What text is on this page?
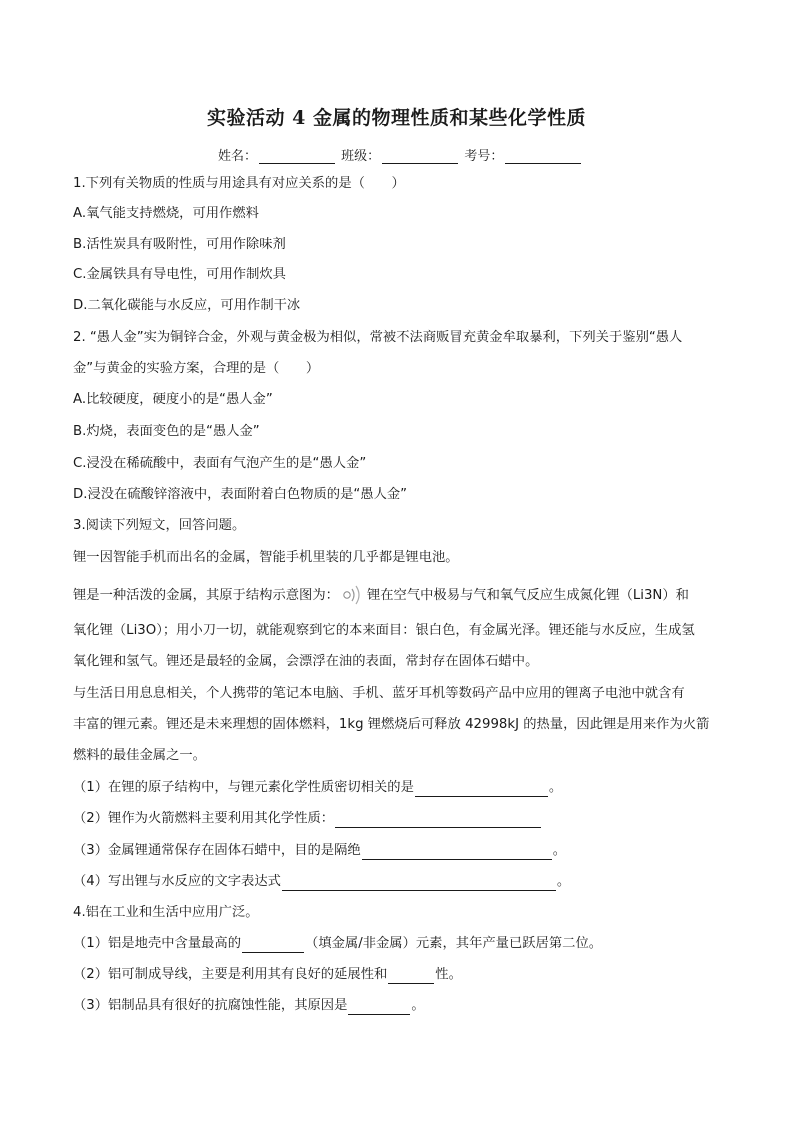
实验活动 4 金属的物理性质和某些化学性质
姓名：	班级：	考号：
1.下列有关物质的性质与用途具有对应关系的是（　　）
A.氧气能支持燃烧，可用作燃料
B.活性炭具有吸附性，可用作除味剂
C.金属铁具有导电性，可用作制炊具
D.二氧化碳能与水反应，可用作制干冰
2. “愚人金”实为铜锌合金，外观与黄金极为相似，常被不法商贩冒充黄金牟取暴利，下列关于鉴别“愚人
金”与黄金的实验方案，合理的是（　　）
A.比较硬度，硬度小的是“愚人金”
B.灼烧，表面变色的是“愚人金”
C.浸没在稀硫酸中，表面有气泡产生的是“愚人金”
D.浸没在硫酸锌溶液中，表面附着白色物质的是“愚人金”
3.阅读下列短文，回答问题。
锂一因智能手机而出名的金属，智能手机里装的几乎都是锂电池。
锂是一种活泼的金属，其原于结构示意图为： 锂在空气中极易与气和氧气反应生成氮化锂（Li3N）和
氧化锂（Li3O）；用小刀一切，就能观察到它的本来面目：银白色，有金属光泽。锂还能与水反应，生成氢
氧化锂和氢气。锂还是最轻的金属，会漂浮在油的表面，常封存在固体石蜡中。
与生活日用息息相关，个人携带的笔记本电脑、手机、蓝牙耳机等数码产品中应用的锂离子电池中就含有
丰富的锂元素。锂还是未来理想的固体燃料，1kg 锂燃烧后可释放 42998kJ 的热量，因此锂是用来作为火箭
燃料的最佳金属之一。
（1）在锂的原子结构中，与锂元素化学性质密切相关的是	。
（2）锂作为火箭燃料主要利用其化学性质：
（3）金属锂通常保存在固体石蜡中，目的是隔绝	。
（4）写出锂与水反应的文字表达式	。
4.铝在工业和生活中应用广泛。
（1）铝是地壳中含量最高的	（填金属/非金属）元素，其年产量已跃居第二位。
（2）铝可制成导线，主要是利用其有良好的延展性和	性。
（3）铝制品具有很好的抗腐蚀性能，其原因是	。
